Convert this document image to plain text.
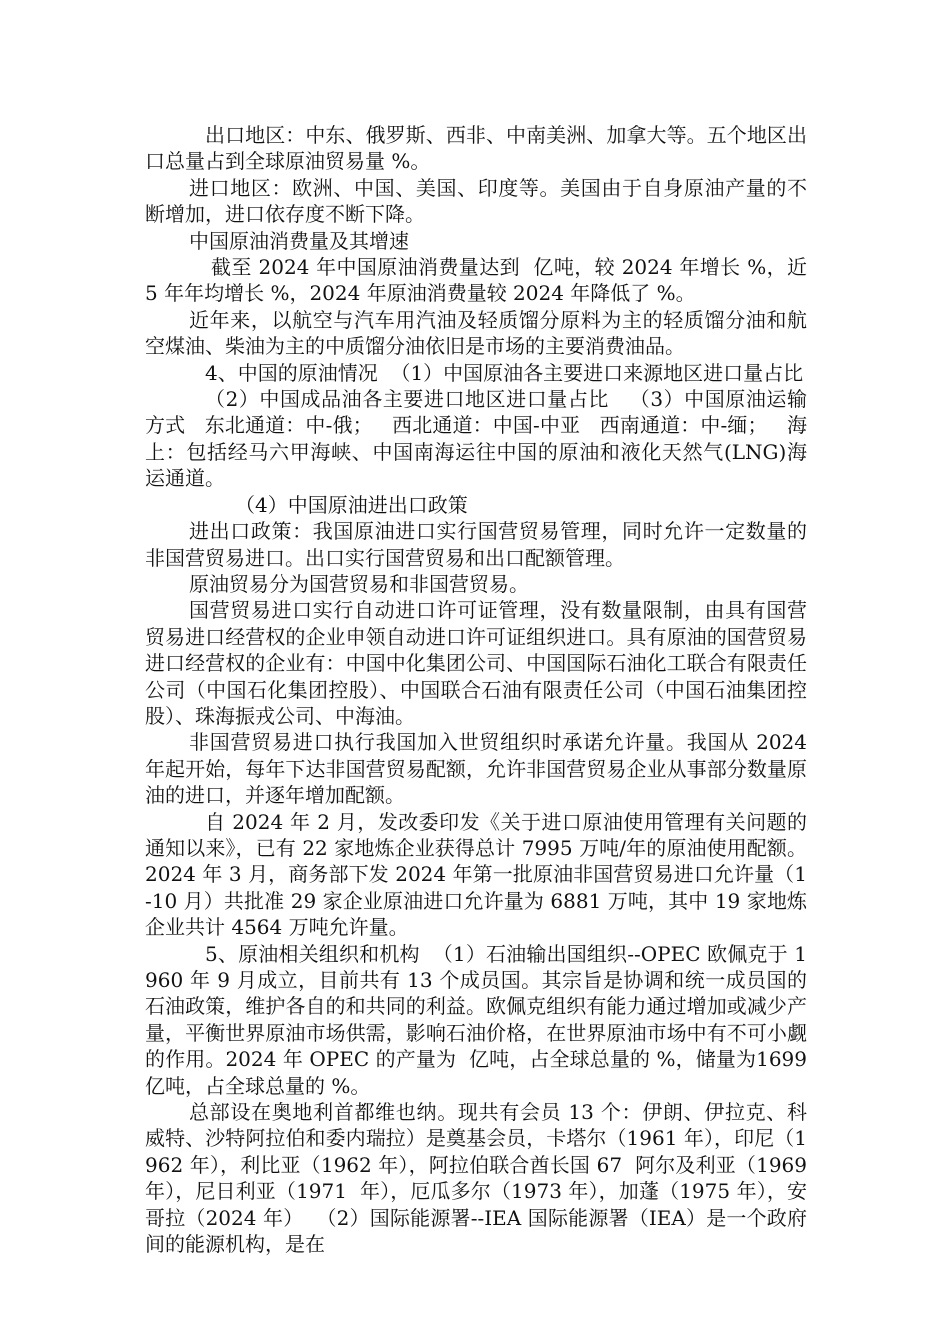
出口地区：中东、俄罗斯、西非、中南美洲、加拿大等。五个地区出口总量占到全球原油贸易量 %。

进口地区：欧洲、中国、美国、印度等。美国由于自身原油产量的不断增加，进口依存度不断下降。

中国原油消费量及其增速

截至 2024 年中国原油消费量达到  亿吨，较 2024 年增长 %，近 5 年年均增长 %，2024 年原油消费量较 2024 年降低了 %。

近年来，以航空与汽车用汽油及轻质馏分原料为主的轻质馏分油和航空煤油、柴油为主的中质馏分油依旧是市场的主要消费油品。

4、中国的原油情况  （1）中国原油各主要进口来源地区进口量占比

（2）中国成品油各主要进口地区进口量占比   （3）中国原油运输方式   东北通道：中-俄；   西北通道：中国-中亚   西南通道：中-缅；   海上：包括经马六甲海峡、中国南海运往中国的原油和液化天然气(LNG)海运通道。

（4）中国原油进出口政策

进出口政策：我国原油进口实行国营贸易管理，同时允许一定数量的非国营贸易进口。出口实行国营贸易和出口配额管理。

原油贸易分为国营贸易和非国营贸易。

国营贸易进口实行自动进口许可证管理，没有数量限制，由具有国营贸易进口经营权的企业申领自动进口许可证组织进口。具有原油的国营贸易进口经营权的企业有：中国中化集团公司、中国国际石油化工联合有限责任公司（中国石化集团控股）、中国联合石油有限责任公司（中国石油集团控股）、珠海振戎公司、中海油。

非国营贸易进口执行我国加入世贸组织时承诺允许量。我国从 2024 年起开始，每年下达非国营贸易配额，允许非国营贸易企业从事部分数量原油的进口，并逐年增加配额。

自 2024 年 2 月，发改委印发《关于进口原油使用管理有关问题的通知以来》，已有 22 家地炼企业获得总计 7995 万吨/年的原油使用配额。2024 年 3 月，商务部下发 2024 年第一批原油非国营贸易进口允许量（1-10 月）共批准 29 家企业原油进口允许量为 6881 万吨，其中 19 家地炼企业共计 4564 万吨允许量。

5、原油相关组织和机构  （1）石油输出国组织--OPEC 欧佩克于 1960 年 9 月成立，目前共有 13 个成员国。其宗旨是协调和统一成员国的石油政策，维护各自的和共同的利益。欧佩克组织有能力通过增加或减少产量，平衡世界原油市场供需，影响石油价格，在世界原油市场中有不可小觑的作用。2024 年 OPEC 的产量为  亿吨，占全球总量的 %，储量为1699 亿吨，占全球总量的 %。

总部设在奥地利首都维也纳。现共有会员 13 个：伊朗、伊拉克、科威特、沙特阿拉伯和委内瑞拉）是奠基会员，卡塔尔（1961 年），印尼（1962 年），利比亚（1962 年），阿拉伯联合酋长国 67  阿尔及利亚（1969 年），尼日利亚（1971  年），厄瓜多尔（1973 年），加蓬（1975 年），安哥拉（2024 年）  （2）国际能源署--IEA 国际能源署（IEA）是一个政府间的能源机构，是在
